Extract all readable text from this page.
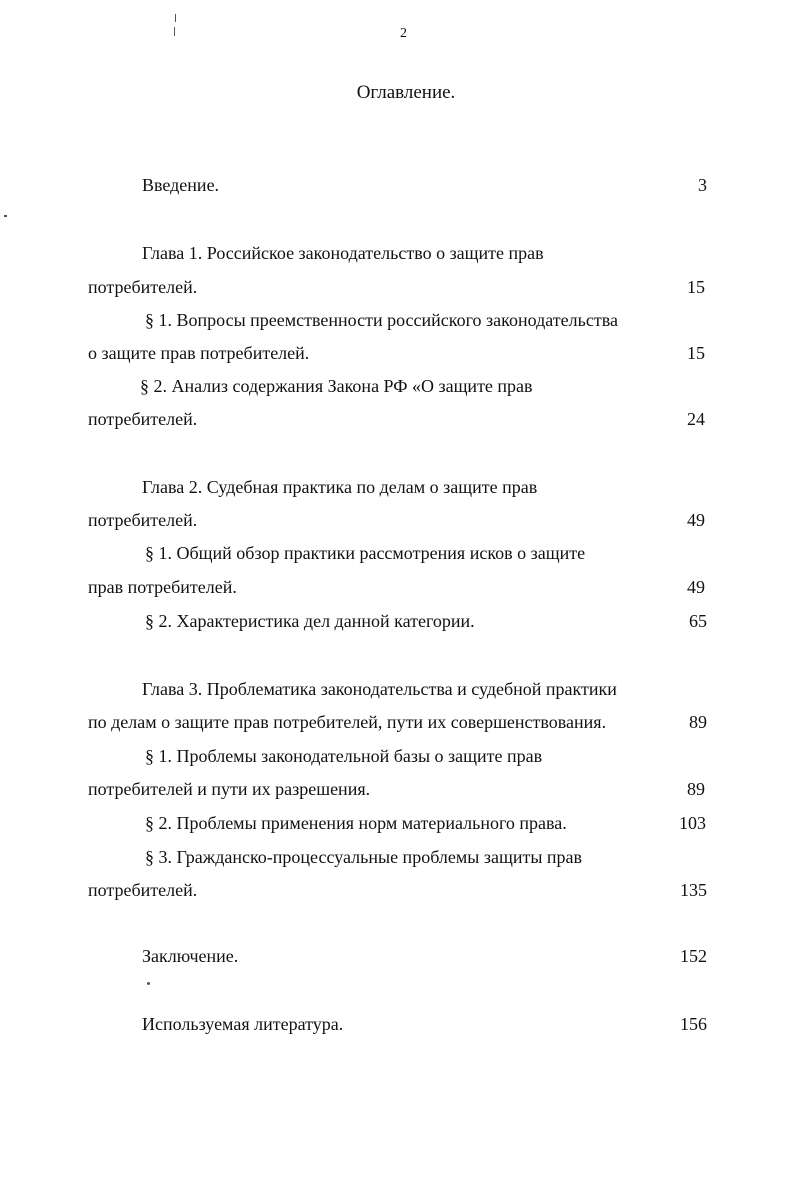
2
Оглавление.
Введение.	3
Глава 1. Российское законодательство о защите прав
потребителей.	15
§ 1. Вопросы преемственности российского законодательства
о защите прав потребителей.	15
§ 2. Анализ содержания Закона РФ «О защите прав
потребителей.	24
Глава 2. Судебная практика по делам о защите прав
потребителей.	49
§ 1. Общий обзор практики рассмотрения исков о защите
прав потребителей.	49
§ 2. Характеристика дел данной категории.	65
Глава 3. Проблематика законодательства и судебной практики
по делам о защите прав потребителей, пути их совершенствования.	89
§ 1. Проблемы законодательной базы о защите прав
потребителей и пути их разрешения.	89
§ 2. Проблемы применения норм материального права.	103
§ 3. Гражданско-процессуальные проблемы защиты прав
потребителей.	135
Заключение.	152
Используемая литература.	156
